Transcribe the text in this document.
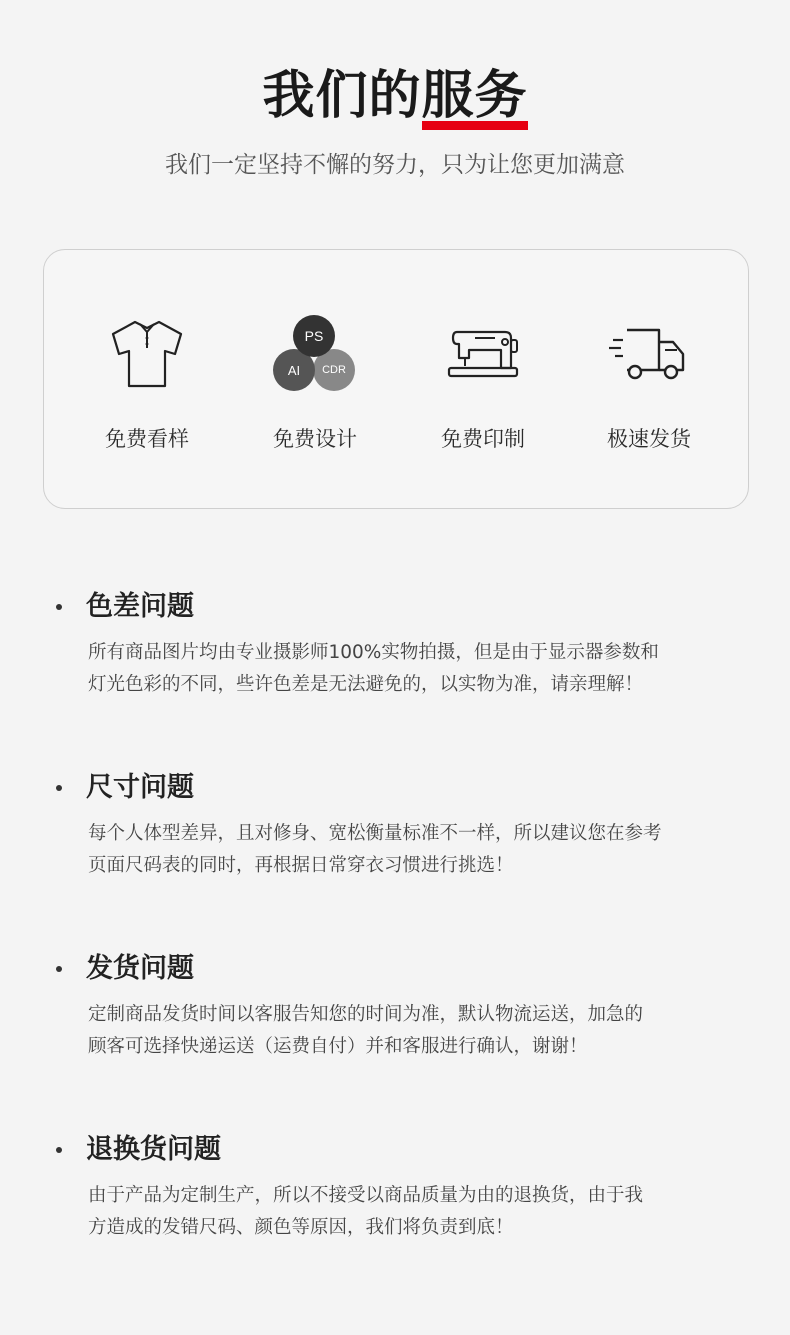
我们的服务
我们一定坚持不懈的努力，只为让您更加满意
免费看样
PS
AI CDR
免费设计	免费印制	极速发货
色差问题
所有商品图片均由专业摄影师100%实物拍摄，但是由于显示器参数和
灯光色彩的不同，些许色差是无法避免的，以实物为准，请亲理解！
尺寸问题
每个人体型差异，且对修身、宽松衡量标准不一样，所以建议您在参考
页面尺码表的同时，再根据日常穿衣习惯进行挑选！
发货问题
定制商品发货时间以客服告知您的时间为准，默认物流运送，加急的
顾客可选择快递运送（运费自付）并和客服进行确认，谢谢！
退换货问题
由于产品为定制生产，所以不接受以商品质量为由的退换货，由于我
方造成的发错尺码、颜色等原因，我们将负责到底！
